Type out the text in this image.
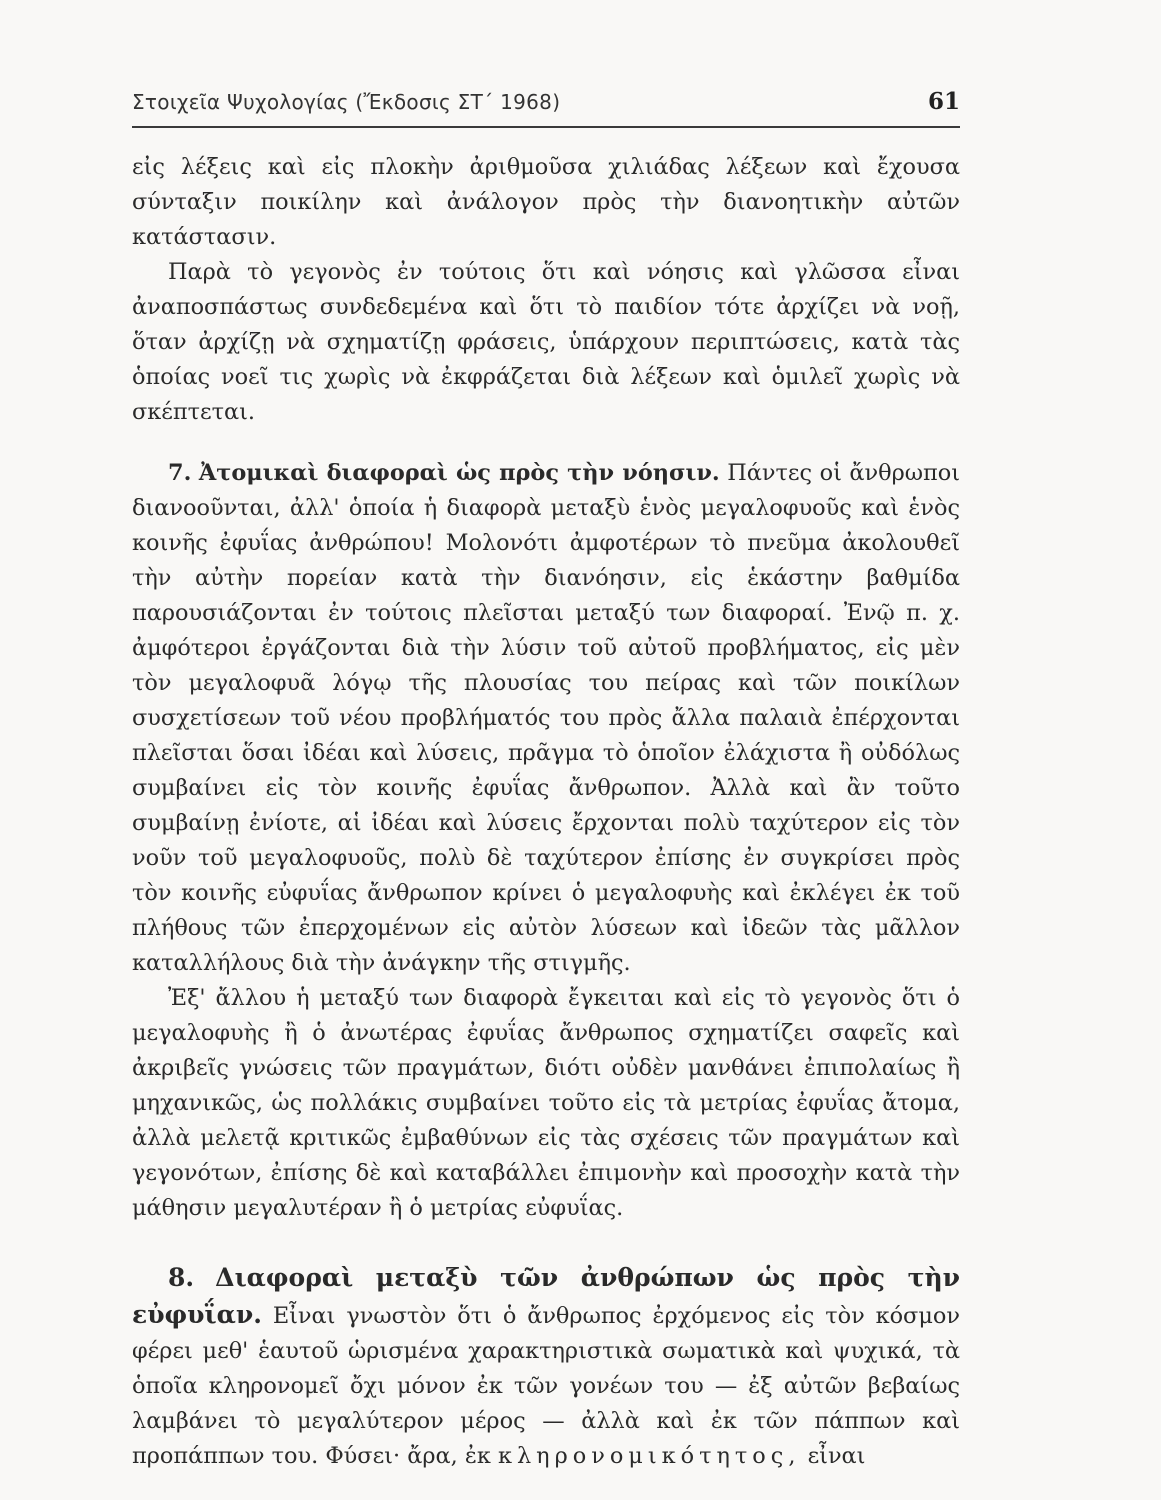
Στοιχεῖα Ψυχολογίας (Ἔκδοσις ΣΤ΄ 1968)	61

εἰς λέξεις καὶ εἰς πλοκὴν ἀριθμοῦσα χιλιάδας λέξεων καὶ ἔχουσα σύνταξιν ποικίλην καὶ ἀνάλογον πρὸς τὴν διανοητικὴν αὐτῶν κατάστασιν.

Παρὰ τὸ γεγονὸς ἐν τούτοις ὅτι καὶ νόησις καὶ γλῶσσα εἶναι ἀναποσπάστως συνδεδεμένα καὶ ὅτι τὸ παιδίον τότε ἀρχίζει νὰ νοῇ, ὅταν ἀρχίζῃ νὰ σχηματίζῃ φράσεις, ὑπάρχουν περιπτώσεις, κατὰ τὰς ὁποίας νοεῖ τις χωρὶς νὰ ἐκφράζεται διὰ λέξεων καὶ ὁμιλεῖ χωρὶς νὰ σκέπτεται.

7. Ἀτομικαὶ διαφοραὶ ὡς πρὸς τὴν νόησιν. Πάντες οἱ ἄνθρωποι διανοοῦνται, ἀλλ' ὁποία ἡ διαφορὰ μεταξὺ ἑνὸς μεγαλοφυοῦς καὶ ἑνὸς κοινῆς ἐφυΐας ἀνθρώπου! Μολονότι ἀμφοτέρων τὸ πνεῦμα ἀκολουθεῖ τὴν αὐτὴν πορείαν κατὰ τὴν διανόησιν, εἰς ἑκάστην βαθμίδα παρουσιάζονται ἐν τούτοις πλεῖσται μεταξύ των διαφοραί. Ἐνῷ π. χ. ἀμφότεροι ἐργάζονται διὰ τὴν λύσιν τοῦ αὐτοῦ προβλήματος, εἰς μὲν τὸν μεγαλοφυᾶ λόγῳ τῆς πλουσίας του πείρας καὶ τῶν ποικίλων συσχετίσεων τοῦ νέου προβλήματός του πρὸς ἄλλα παλαιὰ ἐπέρχονται πλεῖσται ὅσαι ἰδέαι καὶ λύσεις, πρᾶγμα τὸ ὁποῖον ἐλάχιστα ἢ οὐδόλως συμβαίνει εἰς τὸν κοινῆς ἐφυΐας ἄνθρωπον. Ἀλλὰ καὶ ἂν τοῦτο συμβαίνῃ ἐνίοτε, αἱ ἰδέαι καὶ λύσεις ἔρχονται πολὺ ταχύτερον εἰς τὸν νοῦν τοῦ μεγαλοφυοῦς, πολὺ δὲ ταχύτερον ἐπίσης ἐν συγκρίσει πρὸς τὸν κοινῆς εὐφυΐας ἄνθρωπον κρίνει ὁ μεγαλοφυὴς καὶ ἐκλέγει ἐκ τοῦ πλήθους τῶν ἐπερχομένων εἰς αὐτὸν λύσεων καὶ ἰδεῶν τὰς μᾶλλον καταλλήλους διὰ τὴν ἀνάγκην τῆς στιγμῆς.

Ἐξ' ἄλλου ἡ μεταξύ των διαφορὰ ἔγκειται καὶ εἰς τὸ γεγονὸς ὅτι ὁ μεγαλοφυὴς ἢ ὁ ἀνωτέρας ἐφυΐας ἄνθρωπος σχηματίζει σαφεῖς καὶ ἀκριβεῖς γνώσεις τῶν πραγμάτων, διότι οὐδὲν μανθάνει ἐπιπολαίως ἢ μηχανικῶς, ὡς πολλάκις συμβαίνει τοῦτο εἰς τὰ μετρίας ἐφυΐας ἄτομα, ἀλλὰ μελετᾷ κριτικῶς ἐμβαθύνων εἰς τὰς σχέσεις τῶν πραγμάτων καὶ γεγονότων, ἐπίσης δὲ καὶ καταβάλλει ἐπιμονὴν καὶ προσοχὴν κατὰ τὴν μάθησιν μεγαλυτέραν ἢ ὁ μετρίας εὐφυΐας.

8. Διαφοραὶ μεταξὺ τῶν ἀνθρώπων ὡς πρὸς τὴν εὐφυΐαν. Εἶναι γνωστὸν ὅτι ὁ ἄνθρωπος ἐρχόμενος εἰς τὸν κόσμον φέρει μεθ' ἑαυτοῦ ὡρισμένα χαρακτηριστικὰ σωματικὰ καὶ ψυχικά, τὰ ὁποῖα κληρονομεῖ ὄχι μόνον ἐκ τῶν γονέων του — ἐξ αὐτῶν βεβαίως λαμβάνει τὸ μεγαλύτερον μέρος — ἀλλὰ καὶ ἐκ τῶν πάππων καὶ προπάππων του. Φύσει· ἄρα, ἐκ κληρονομικότητος, εἶναι
